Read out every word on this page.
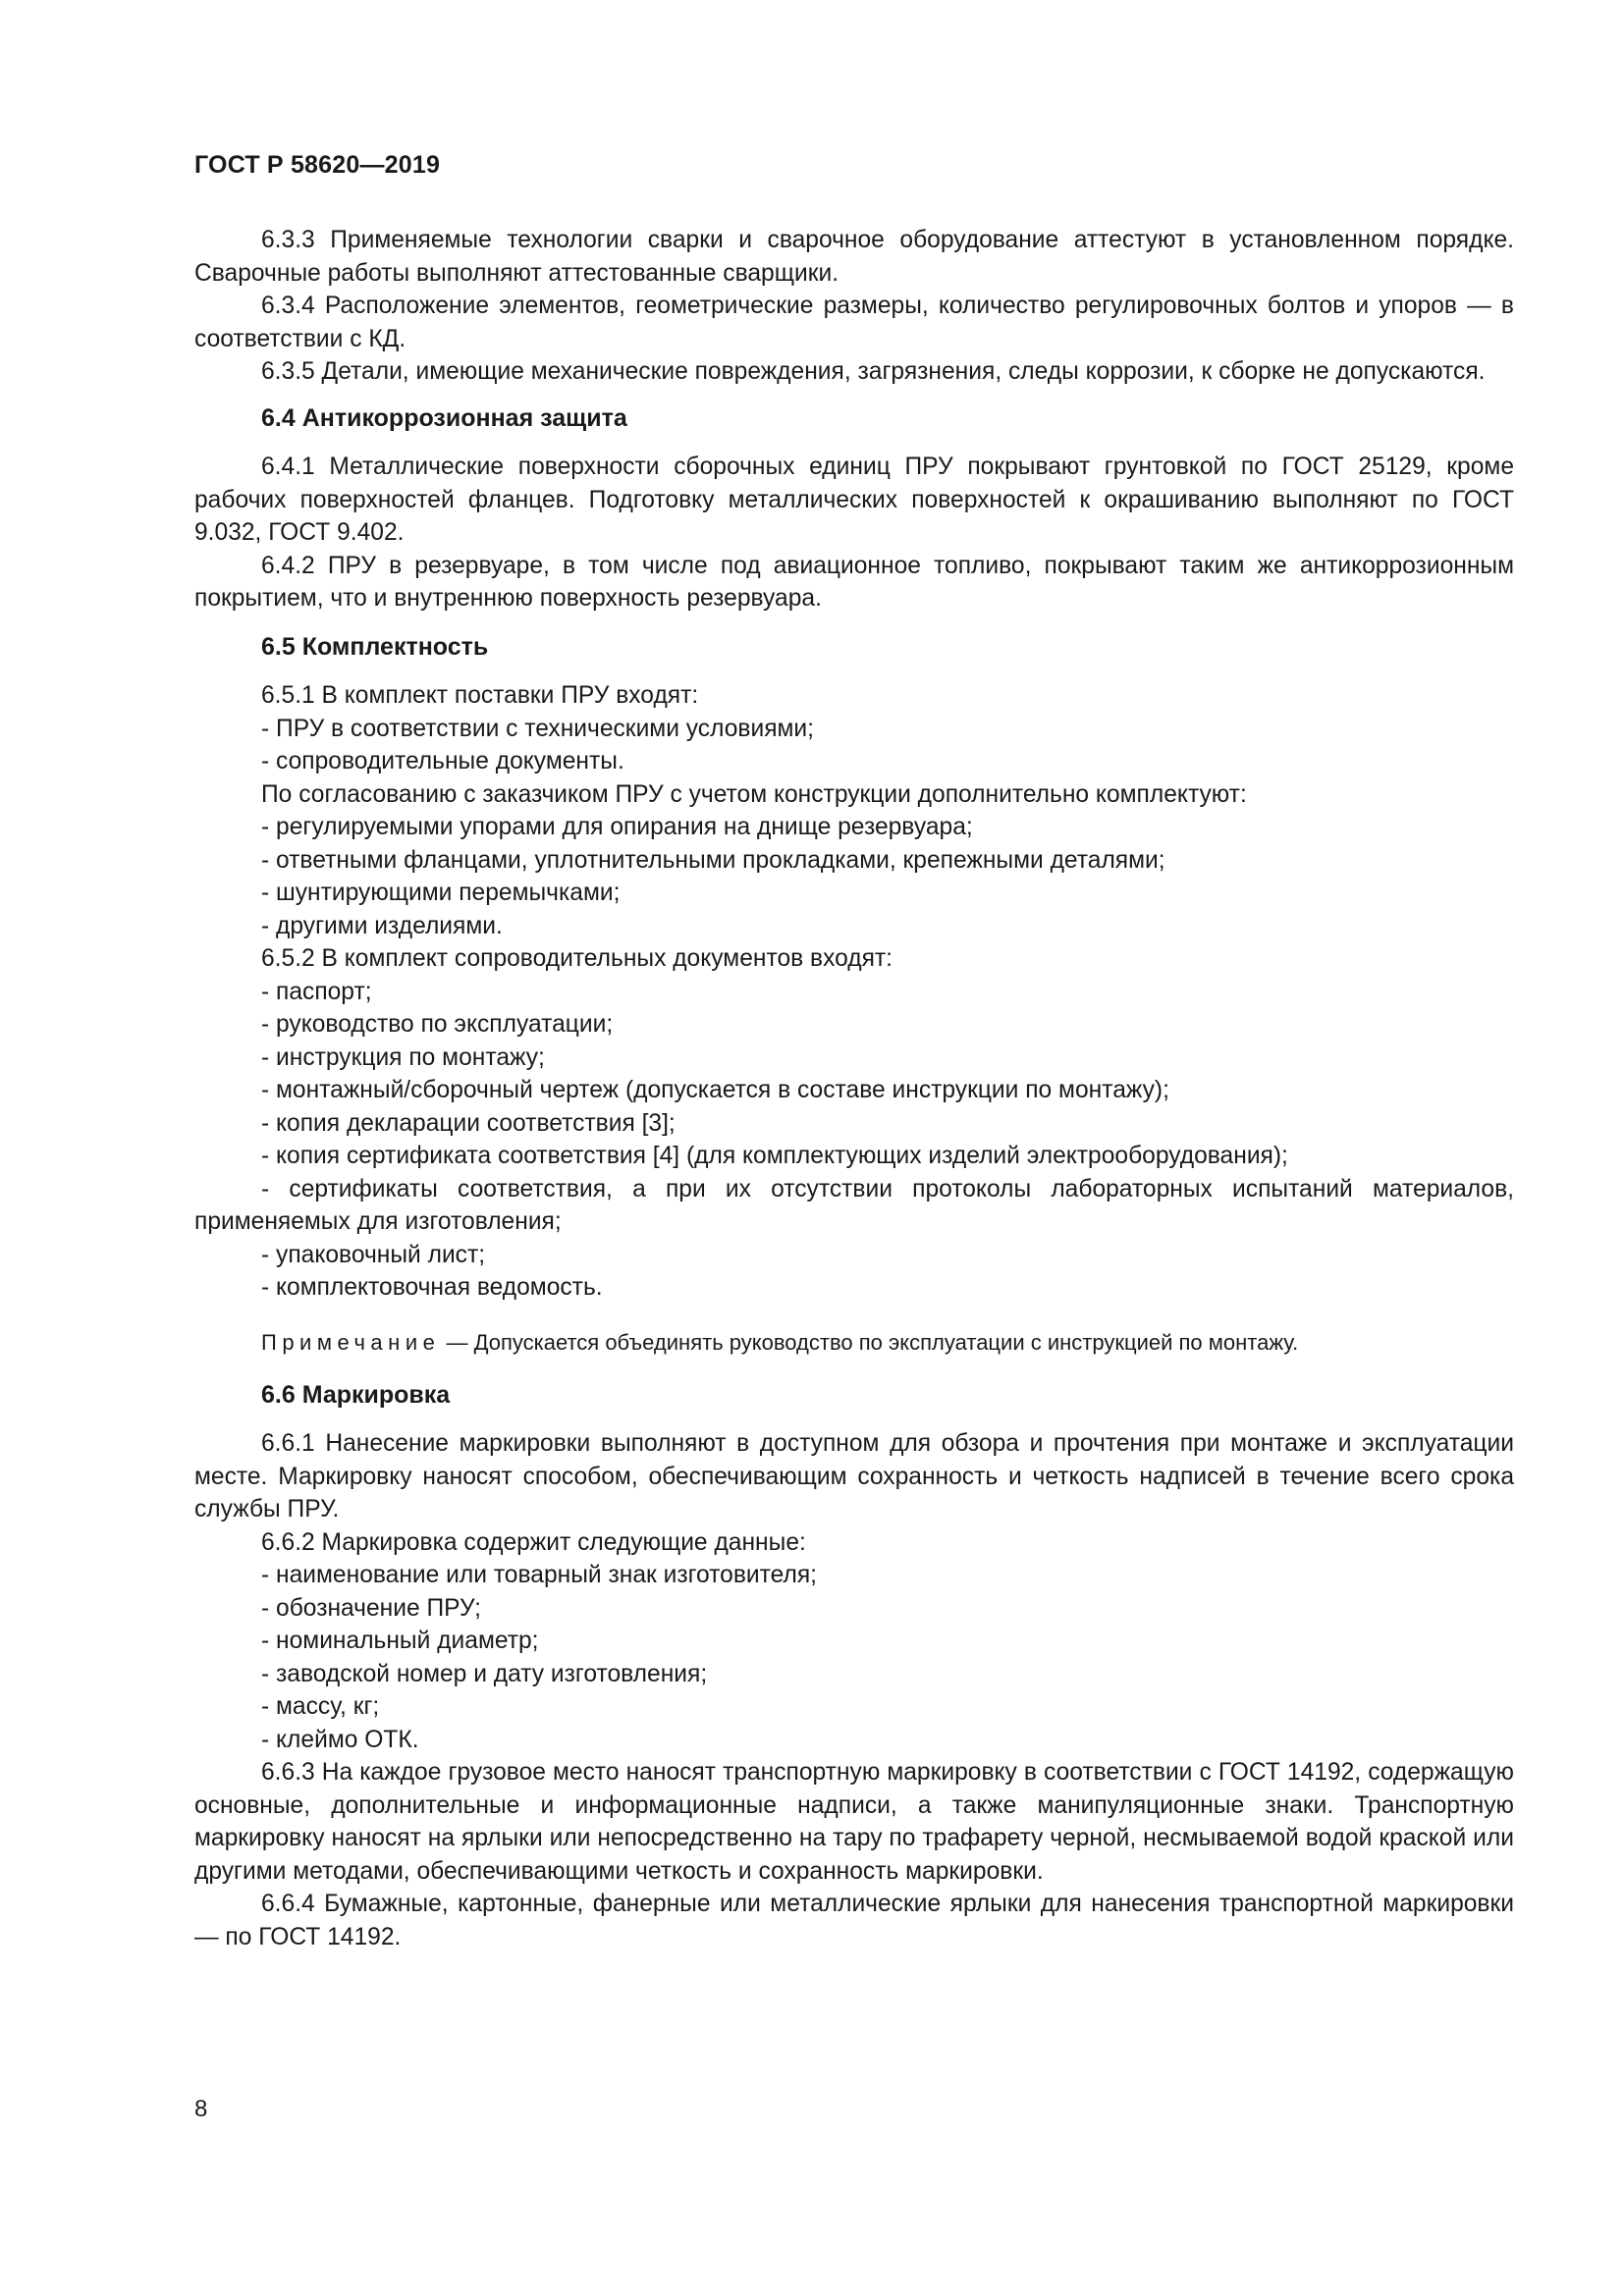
ГОСТ Р 58620—2019

6.3.3 Применяемые технологии сварки и сварочное оборудование аттестуют в установленном порядке. Сварочные работы выполняют аттестованные сварщики.

6.3.4 Расположение элементов, геометрические размеры, количество регулировочных болтов и упоров — в соответствии с КД.

6.3.5 Детали, имеющие механические повреждения, загрязнения, следы коррозии, к сборке не допускаются.

6.4 Антикоррозионная защита

6.4.1 Металлические поверхности сборочных единиц ПРУ покрывают грунтовкой по ГОСТ 25129, кроме рабочих поверхностей фланцев. Подготовку металлических поверхностей к окрашиванию выполняют по ГОСТ 9.032, ГОСТ 9.402.

6.4.2 ПРУ в резервуаре, в том числе под авиационное топливо, покрывают таким же антикоррозионным покрытием, что и внутреннюю поверхность резервуара.

6.5 Комплектность

6.5.1 В комплект поставки ПРУ входят:

- ПРУ в соответствии с техническими условиями;
- сопроводительные документы.

По согласованию с заказчиком ПРУ с учетом конструкции дополнительно комплектуют:

- регулируемыми упорами для опирания на днище резервуара;
- ответными фланцами, уплотнительными прокладками, крепежными деталями;
- шунтирующими перемычками;
- другими изделиями.

6.5.2 В комплект сопроводительных документов входят:

- паспорт;
- руководство по эксплуатации;
- инструкция по монтажу;
- монтажный/сборочный чертеж (допускается в составе инструкции по монтажу);
- копия декларации соответствия [3];
- копия сертификата соответствия [4] (для комплектующих изделий электрооборудования);

- сертификаты соответствия, а при их отсутствии протоколы лабораторных испытаний материалов, применяемых для изготовления;

- упаковочный лист;
- комплектовочная ведомость.
Примечание — Допускается объединять руководство по эксплуатации с инструкцией по монтажу.
6.6 Маркировка

6.6.1 Нанесение маркировки выполняют в доступном для обзора и прочтения при монтаже и эксплуатации месте. Маркировку наносят способом, обеспечивающим сохранность и четкость надписей в течение всего срока службы ПРУ.

6.6.2 Маркировка содержит следующие данные:

- наименование или товарный знак изготовителя;
- обозначение ПРУ;
- номинальный диаметр;
- заводской номер и дату изготовления;
- массу, кг;
- клеймо ОТК.

6.6.3 На каждое грузовое место наносят транспортную маркировку в соответствии с ГОСТ 14192, содержащую основные, дополнительные и информационные надписи, а также манипуляционные знаки. Транспортную маркировку наносят на ярлыки или непосредственно на тару по трафарету черной, несмываемой водой краской или другими методами, обеспечивающими четкость и сохранность маркировки.

6.6.4 Бумажные, картонные, фанерные или металлические ярлыки для нанесения транспортной маркировки — по ГОСТ 14192.

8
